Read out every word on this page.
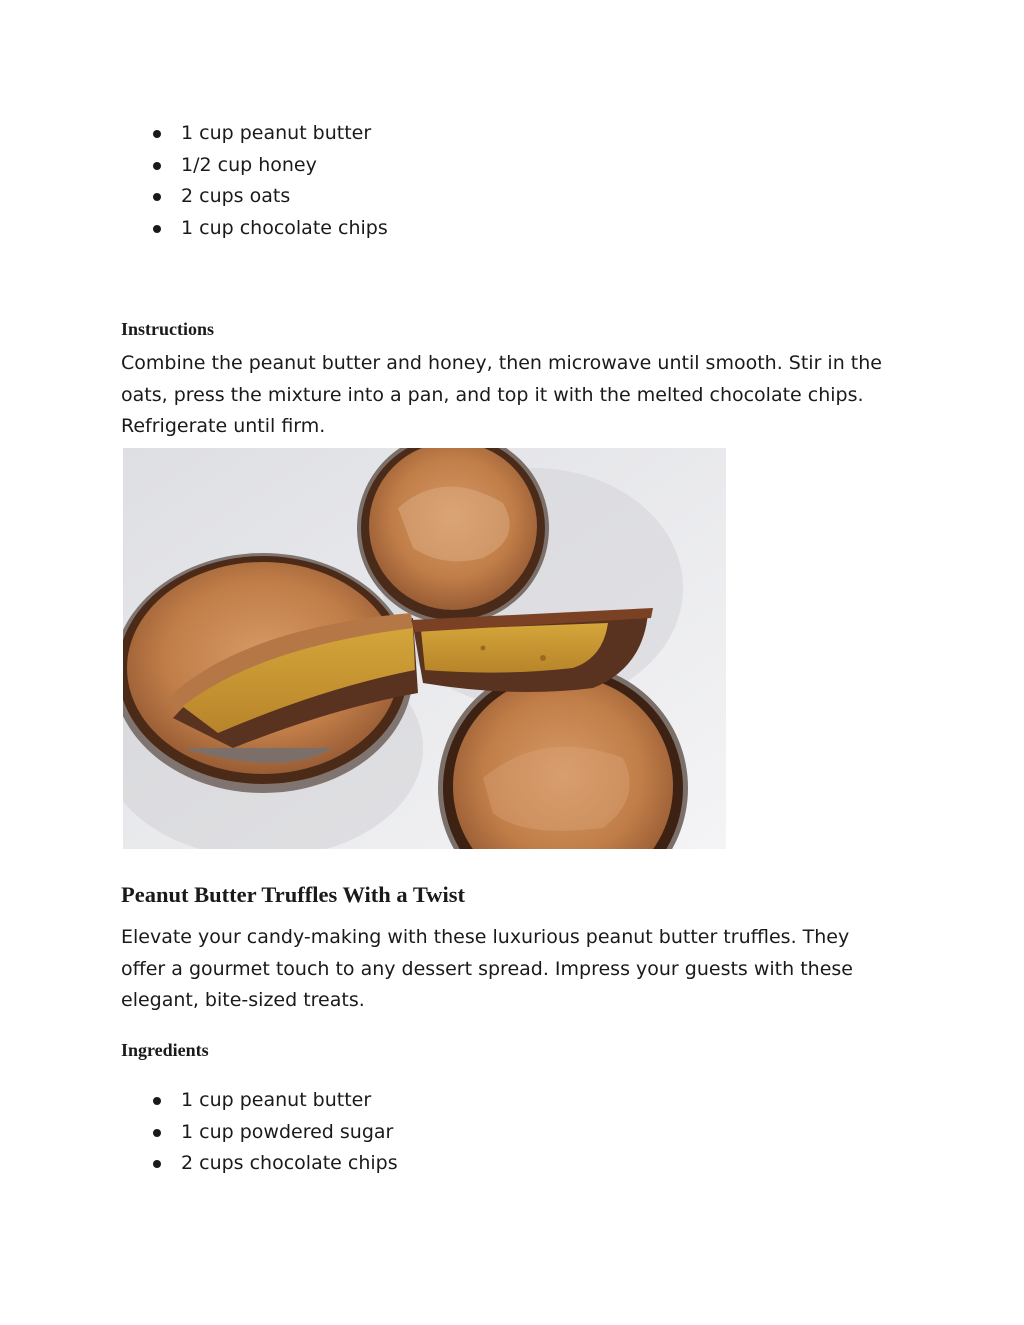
1 cup peanut butter
1/2 cup honey
2 cups oats
1 cup chocolate chips
Instructions

Combine the peanut butter and honey, then microwave until smooth. Stir in the oats, press the mixture into a pan, and top it with the melted chocolate chips. Refrigerate until firm.

Peanut Butter Truffles With a Twist

Elevate your candy-making with these luxurious peanut butter truffles. They offer a gourmet touch to any dessert spread. Impress your guests with these elegant, bite-sized treats.

Ingredients
1 cup peanut butter
1 cup powdered sugar
2 cups chocolate chips
